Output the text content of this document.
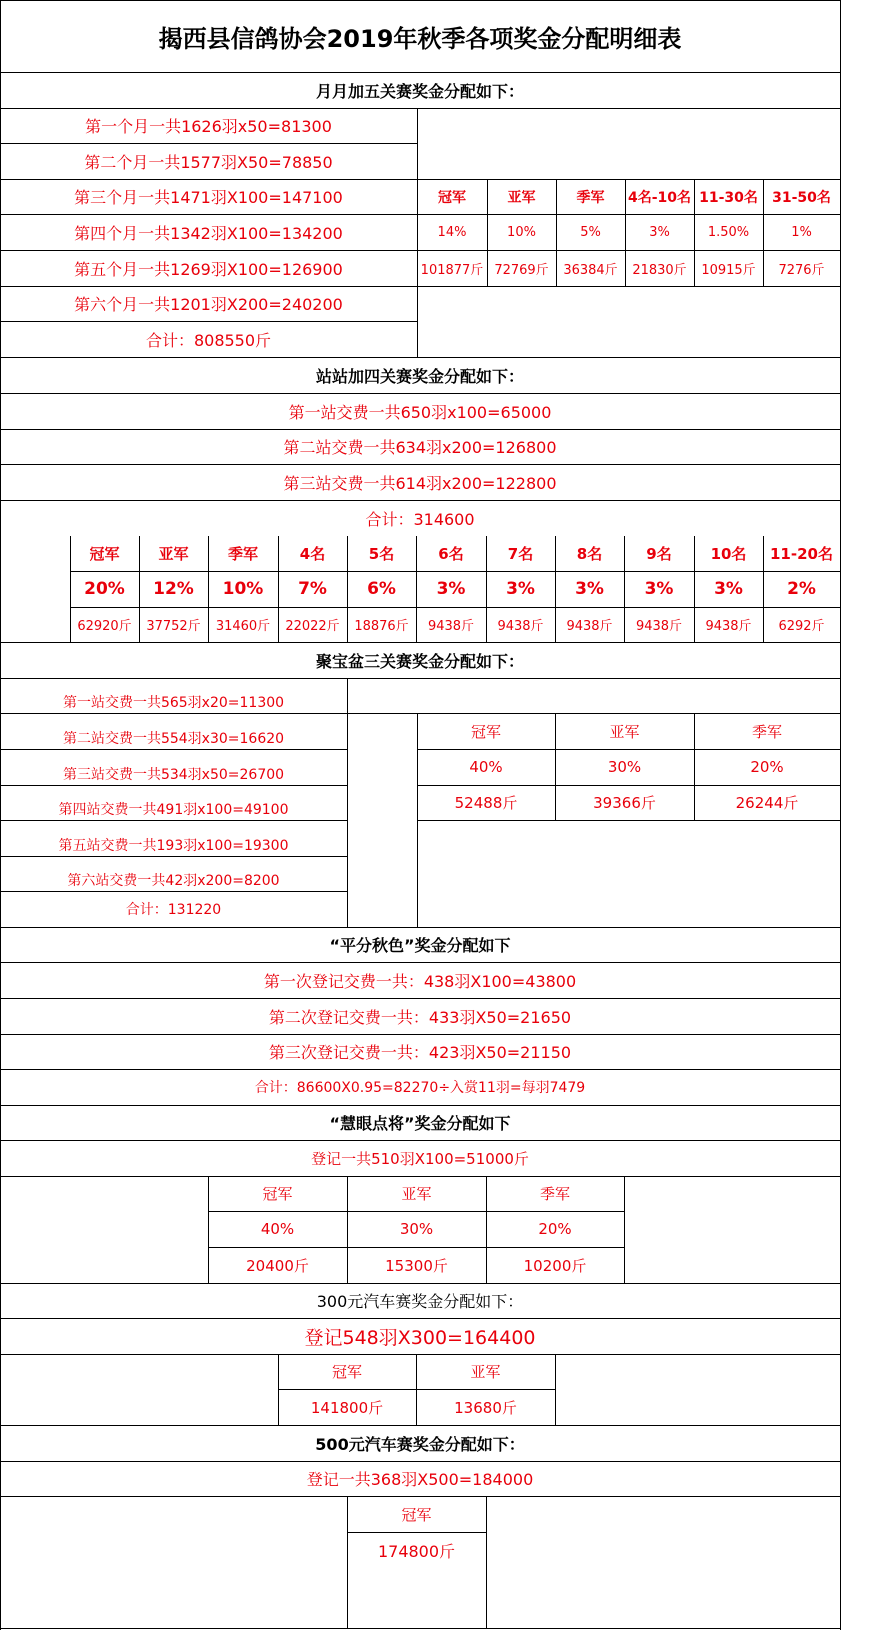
揭西县信鸽协会2019年秋季各项奖金分配明细表
月月加五关赛奖金分配如下：
第一个月一共1626羽x50=81300
第二个月一共1577羽X50=78850
第三个月一共1471羽X100=147100
第四个月一共1342羽X100=134200
第五个月一共1269羽X100=126900
第六个月一共1201羽X200=240200
合计：808550斤
冠军
14%
101877斤
亚军
10%
72769斤
季军
5%
36384斤
4名-10名
3%
21830斤
11-30名
1.50%
10915斤
31-50名
1%
7276斤
站站加四关赛奖金分配如下：
第一站交费一共650羽x100=65000
第二站交费一共634羽x200=126800
第三站交费一共614羽x200=122800
合计：314600
冠军
20%
62920斤
亚军
12%
37752斤
季军
10%
31460斤
4名
7%
22022斤
5名
6%
18876斤
6名
3%
9438斤
7名
3%
9438斤
8名
3%
9438斤
9名
3%
9438斤
10名
3%
9438斤
11-20名
2%
6292斤
聚宝盆三关赛奖金分配如下：
第一站交费一共565羽x20=11300
第二站交费一共554羽x30=16620
第三站交费一共534羽x50=26700
第四站交费一共491羽x100=49100
第五站交费一共193羽x100=19300
第六站交费一共42羽x200=8200
合计：131220
冠军
40%
52488斤
亚军
30%
39366斤
季军
20%
26244斤
“平分秋色”奖金分配如下
第一次登记交费一共：438羽X100=43800
第二次登记交费一共：433羽X50=21650
第三次登记交费一共：423羽X50=21150
合计：86600X0.95=82270÷入赏11羽=每羽7479
“慧眼点将”奖金分配如下
登记一共510羽X100=51000斤
冠军
40%
20400斤
亚军
30%
15300斤
季军
20%
10200斤
300元汽车赛奖金分配如下：
登记548羽X300=164400
冠军
141800斤
亚军
13680斤
500元汽车赛奖金分配如下：
登记一共368羽X500=184000
冠军
174800斤
